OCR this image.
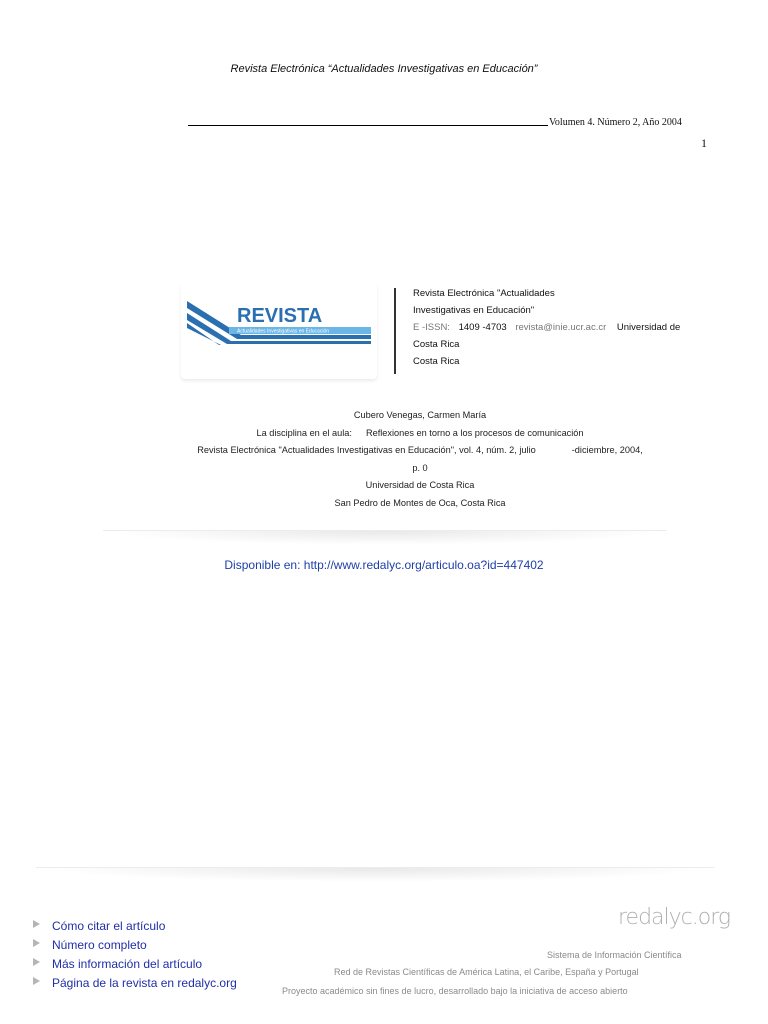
Revista Electrónica “Actualidades Investigativas en Educación”
Volumen 4. Número 2, Año 2004
1
REVISTA
Actualidades Investigativas en Educación
Revista Electrónica "Actualidades
Investigativas en Educación"
E -ISSN: 1409 -4703 revista@inie.ucr.ac.cr Universidad de
Costa Rica
Costa Rica
Cubero Venegas, Carmen María
La disciplina en el aula: Reflexiones en torno a los procesos de comunicación
Revista Electrónica "Actualidades Investigativas en Educación", vol. 4, núm. 2, julio	-diciembre, 2004,
p. 0
Universidad de Costa Rica
San Pedro de Montes de Oca, Costa Rica
Disponible en: http://www.redalyc.org/articulo.oa?id=447402
Cómo citar el artículo
Número completo
Más información del artículo
Página de la revista en redalyc.org
redalyc.org
Sistema de Información Científica
Red de Revistas Científicas de América Latina, el Caribe, España y Portugal
Proyecto académico sin fines de lucro, desarrollado bajo la iniciativa de acceso abierto
